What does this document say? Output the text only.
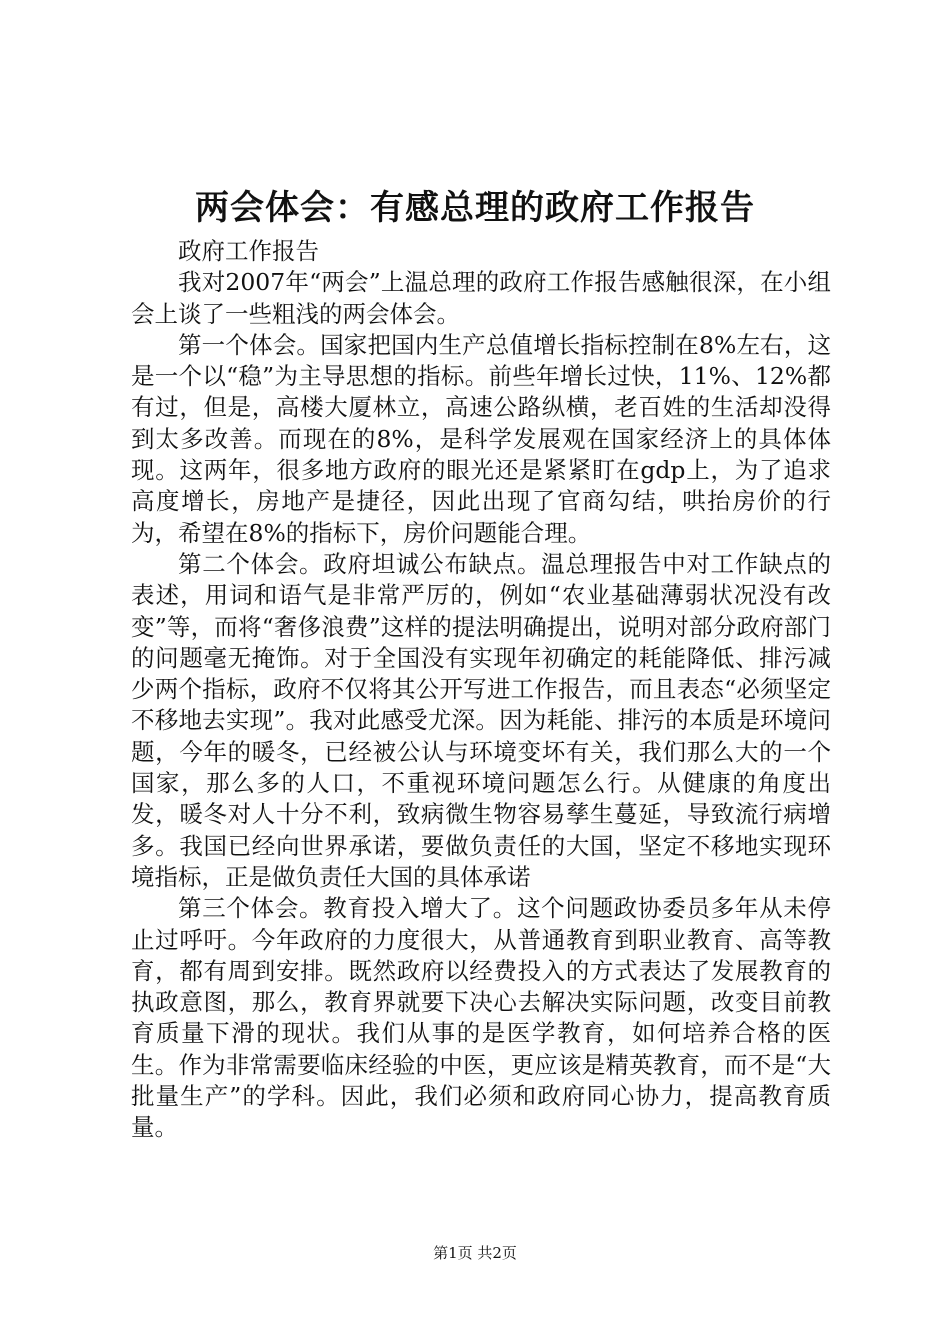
两会体会：有感总理的政府工作报告

政府工作报告

我对2007年“两会”上温总理的政府工作报告感触很深，在小组会上谈了一些粗浅的两会体会。

第一个体会。国家把国内生产总值增长指标控制在8%左右，这是一个以“稳”为主导思想的指标。前些年增长过快，11%、12%都有过，但是，高楼大厦林立，高速公路纵横，老百姓的生活却没得到太多改善。而现在的8%，是科学发展观在国家经济上的具体体现。这两年，很多地方政府的眼光还是紧紧盯在gdp上，为了追求高度增长，房地产是捷径，因此出现了官商勾结，哄抬房价的行为，希望在8%的指标下，房价问题能合理。

第二个体会。政府坦诚公布缺点。温总理报告中对工作缺点的表述，用词和语气是非常严厉的，例如“农业基础薄弱状况没有改变”等，而将“奢侈浪费”这样的提法明确提出，说明对部分政府部门的问题毫无掩饰。对于全国没有实现年初确定的耗能降低、排污减少两个指标，政府不仅将其公开写进工作报告，而且表态“必须坚定不移地去实现”。我对此感受尤深。因为耗能、排污的本质是环境问题，今年的暖冬，已经被公认与环境变坏有关，我们那么大的一个国家，那么多的人口，不重视环境问题怎么行。从健康的角度出发，暖冬对人十分不利，致病微生物容易孳生蔓延，导致流行病增多。我国已经向世界承诺，要做负责任的大国，坚定不移地实现环境指标，正是做负责任大国的具体承诺

第三个体会。教育投入增大了。这个问题政协委员多年从未停止过呼吁。今年政府的力度很大，从普通教育到职业教育、高等教育，都有周到安排。既然政府以经费投入的方式表达了发展教育的执政意图，那么，教育界就要下决心去解决实际问题，改变目前教育质量下滑的现状。我们从事的是医学教育，如何培养合格的医生。作为非常需要临床经验的中医，更应该是精英教育，而不是“大批量生产”的学科。因此，我们必须和政府同心协力，提高教育质量。

第1页 共2页
